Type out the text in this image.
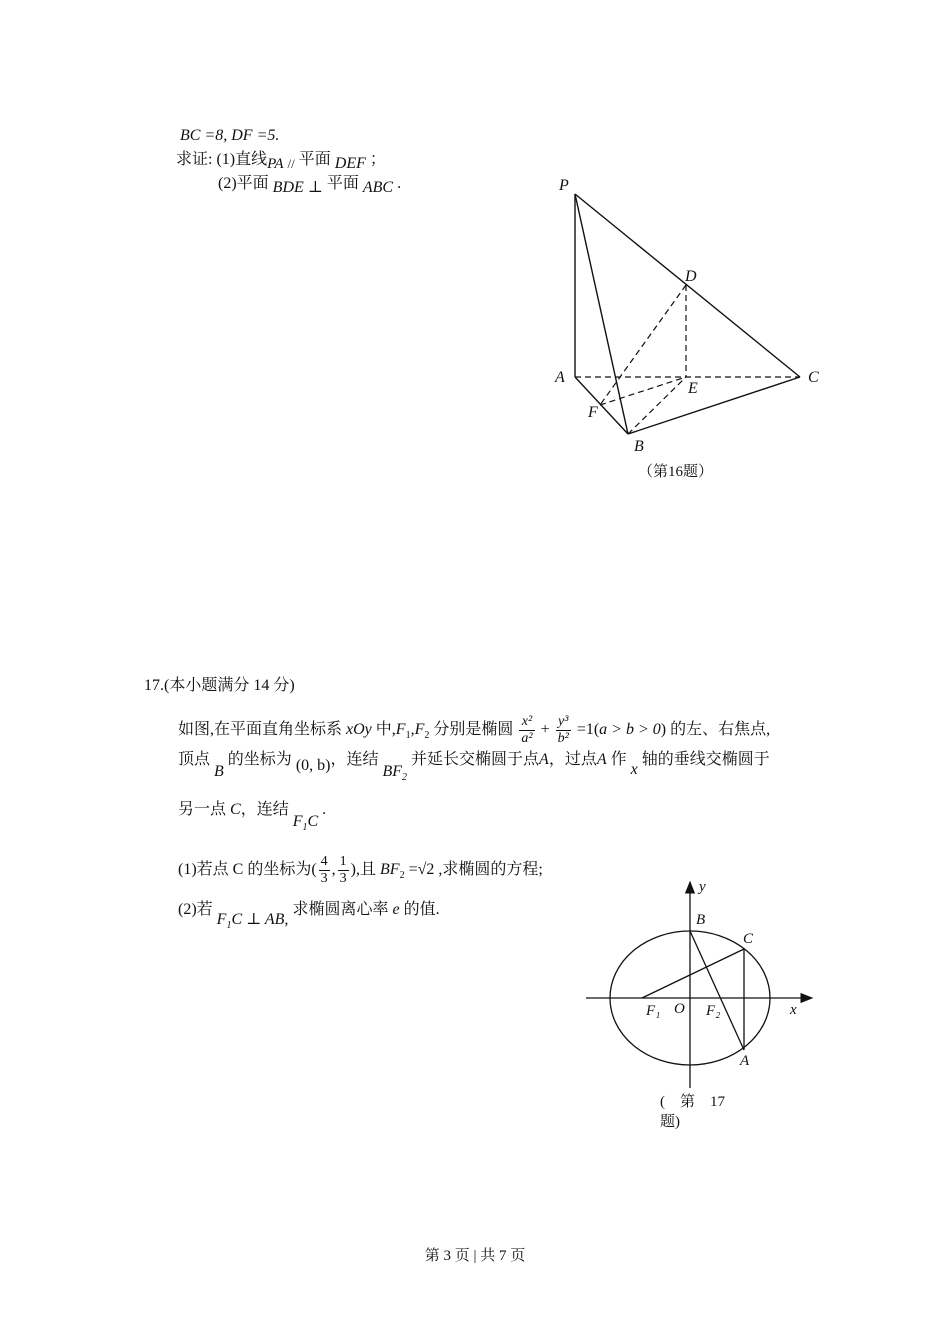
BC =8, DF =5.
求证: (1)直线PA $_{//}$ 平面 DEF ；
(2)平面 BDE ⊥ 平面 ABC .	P
D
A
E
C
F
B
（第16题）
17.(本小题满分 14 分)
如图,在平面直角坐标系 xOy 中$,F_1,F_2$ 分别是椭圆 $\frac{\text{x²}}{\text{a²}} + \frac{\text{y³}}{\text{b²}} =1(a > b > 0)$ 的左、右焦点,
顶点 B 的坐标为 (0, b)，连结 $BF_2$ 并延长交椭圆于点A，过点A 作 x 轴的垂线交椭圆于
另一点 C，连结 $F_1C$ .
(1)若点 C 的坐标为( $\frac{4}{3}$ , $\frac{1}{3}$ ),且 $BF_2 =√2$ ,求椭圆的方程;
(2)若 $F_1C$ ⊥ AB, 求椭圆离心率 e 的值.
y
B
C
F₁ O F₂	x
A
(　第　17
题)
第 3 页 | 共 7 页
